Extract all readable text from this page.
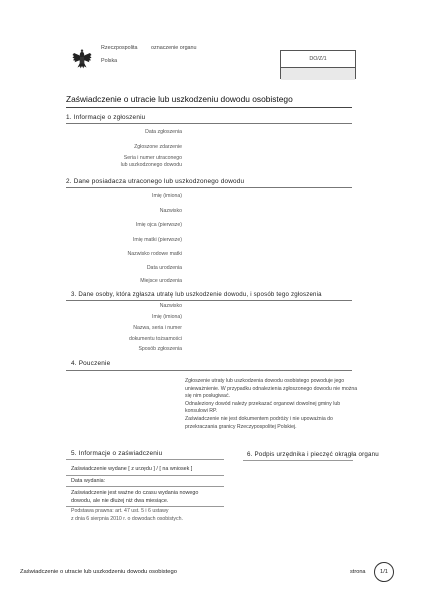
Rzeczpospolita
Polska
oznaczenie organu
DO/Z/1
Zaświadczenie o utracie lub uszkodzeniu dowodu osobistego
1. Informacje o zgłoszeniu
Data zgłoszenia
Zgłoszone zdarzenie
Seria i numer utraconego
lub uszkodzonego dowodu
2. Dane posiadacza utraconego lub uszkodzonego dowodu
Imię (imiona)
Nazwisko
Imię ojca (pierwsze)
Imię matki (pierwsze)
Nazwisko rodowe matki
Data urodzenia
Miejsce urodzenia
3. Dane osoby, która zgłasza utratę lub uszkodzenie dowodu, i sposób tego zgłoszenia
Nazwisko
Imię (imiona)
Nazwa, seria i numer
dokumentu tożsamości
Sposób zgłoszenia
4. Pouczenie
Zgłoszenie utraty lub uszkodzenia dowodu osobistego powoduje jego
unieważnienie. W przypadku odnalezienia zgłoszonego dowodu nie można
się nim posługiwać.
Odnaleziony dowód należy przekazać organowi dowolnej gminy lub
konsulowi RP.
Zaświadczenie nie jest dokumentem podróży i nie upoważnia do
przekraczania granicy Rzeczypospolitej Polskiej.
5. Informacje o zaświadczeniu
Zaświadczenie wydane [ z urzędu ] / [ na wniosek ]
Data wydania:
Zaświadczenie jest ważne do czasu wydania nowego
dowodu, ale nie dłużej niż dwa miesiące.
Podstawa prawna: art. 47 ust. 5 i 6 ustawy
z dnia 6 sierpnia 2010 r. o dowodach osobistych.
6. Podpis urzędnika i pieczęć okrągła organu
Zaświadczenie o utracie lub uszkodzeniu dowodu osobistego	strona 1/1
